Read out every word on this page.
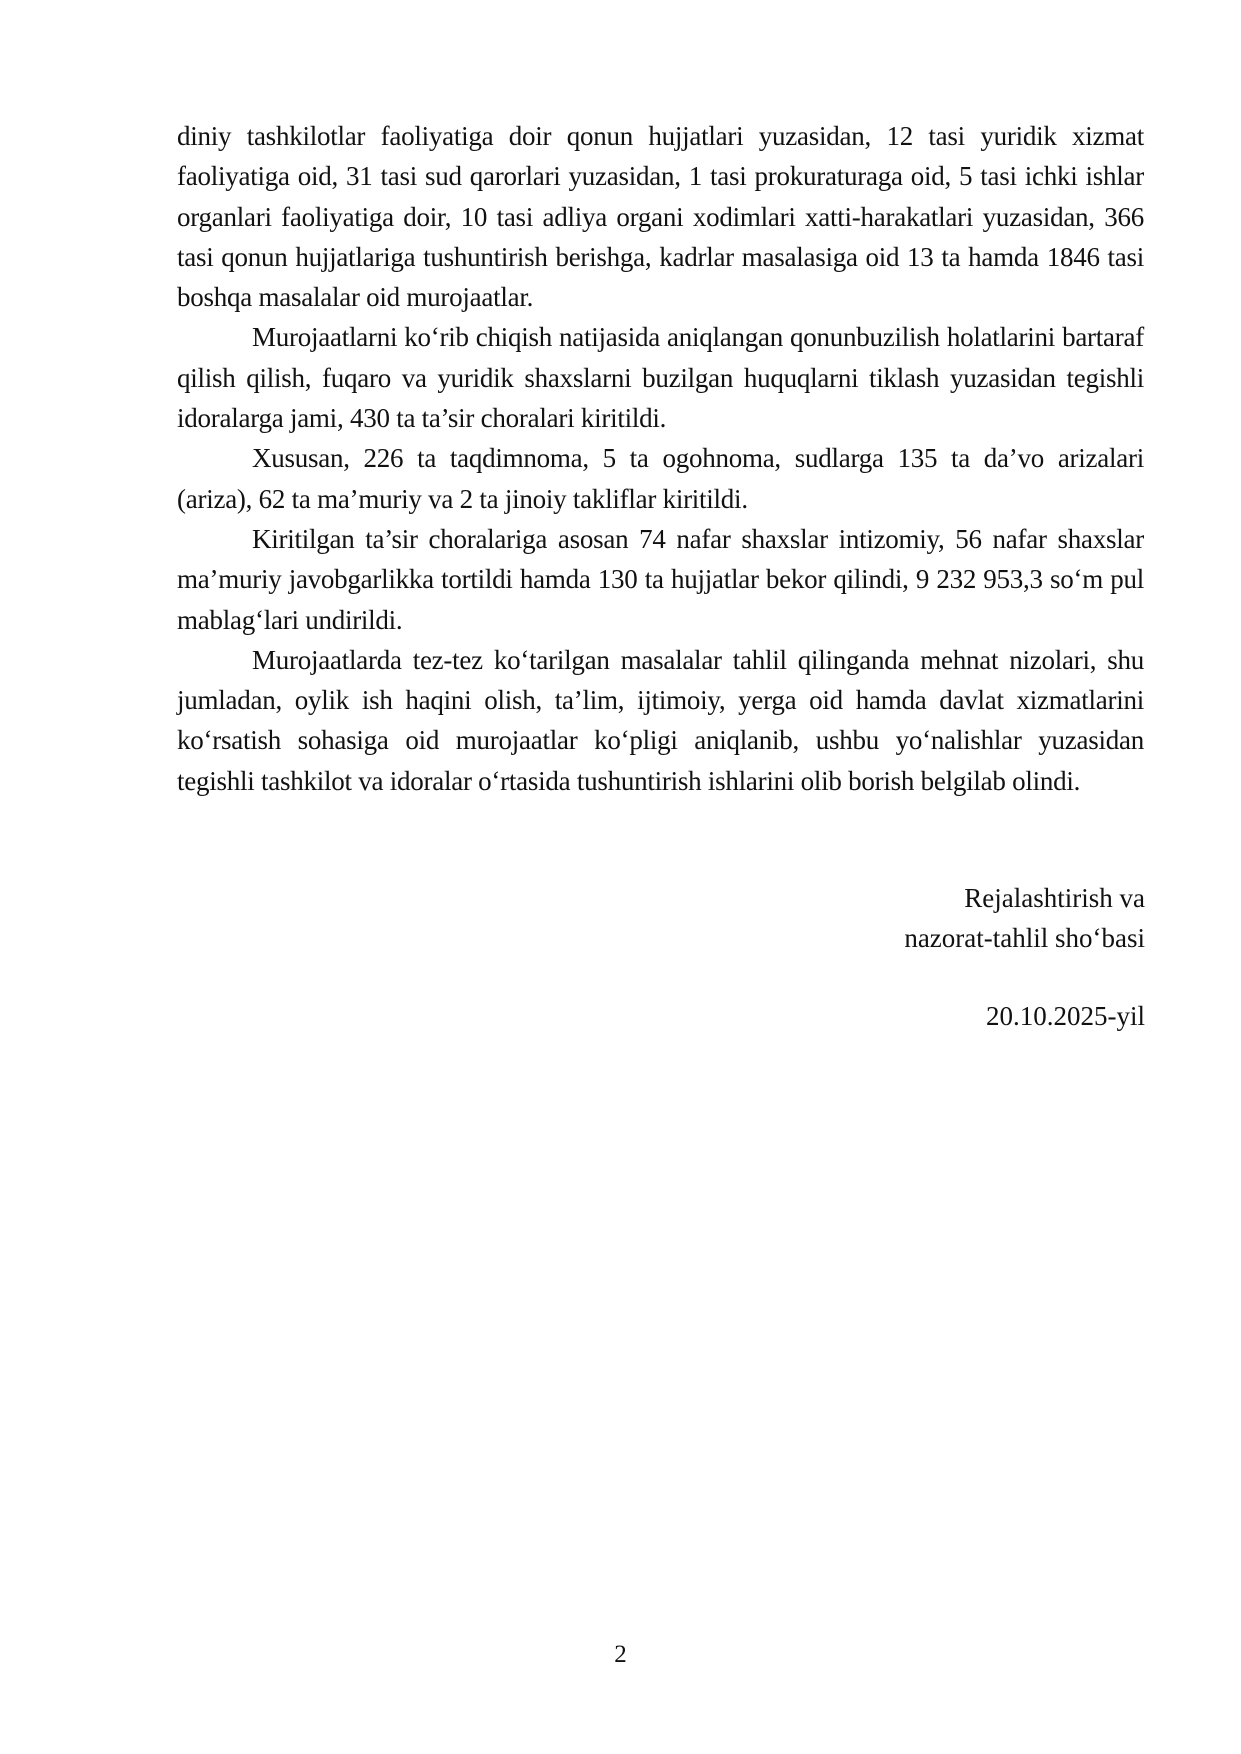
diniy tashkilotlar faoliyatiga doir qonun hujjatlari yuzasidan, 12 tasi yuridik xizmat faoliyatiga oid, 31 tasi sud qarorlari yuzasidan, 1 tasi prokuraturaga oid, 5 tasi ichki ishlar organlari faoliyatiga doir, 10 tasi adliya organi xodimlari xatti-harakatlari yuzasidan, 366 tasi qonun hujjatlariga tushuntirish berishga, kadrlar masalasiga oid 13 ta hamda 1846 tasi boshqa masalalar oid murojaatlar.

Murojaatlarni ko‘rib chiqish natijasida aniqlangan qonunbuzilish holatlarini bartaraf qilish qilish, fuqaro va yuridik shaxslarni buzilgan huquqlarni tiklash yuzasidan tegishli idoralarga jami, 430 ta ta’sir choralari kiritildi.

Xususan, 226 ta taqdimnoma, 5 ta ogohnoma, sudlarga 135 ta da’vo arizalari (ariza), 62 ta ma’muriy va 2 ta jinoiy takliflar kiritildi.

Kiritilgan ta’sir choralariga asosan 74 nafar shaxslar intizomiy, 56 nafar shaxslar ma’muriy javobgarlikka tortildi hamda 130 ta hujjatlar bekor qilindi, 9 232 953,3 so‘m pul mablag‘lari undirildi.

Murojaatlarda tez-tez ko‘tarilgan masalalar tahlil qilinganda mehnat nizolari, shu jumladan, oylik ish haqini olish, ta’lim, ijtimoiy, yerga oid hamda davlat xizmatlarini ko‘rsatish sohasiga oid murojaatlar ko‘pligi aniqlanib, ushbu yo‘nalishlar yuzasidan tegishli tashkilot va idoralar o‘rtasida tushuntirish ishlarini olib borish belgilab olindi.

Rejalashtirish va
nazorat-tahlil sho‘basi
20.10.2025-yil
2
